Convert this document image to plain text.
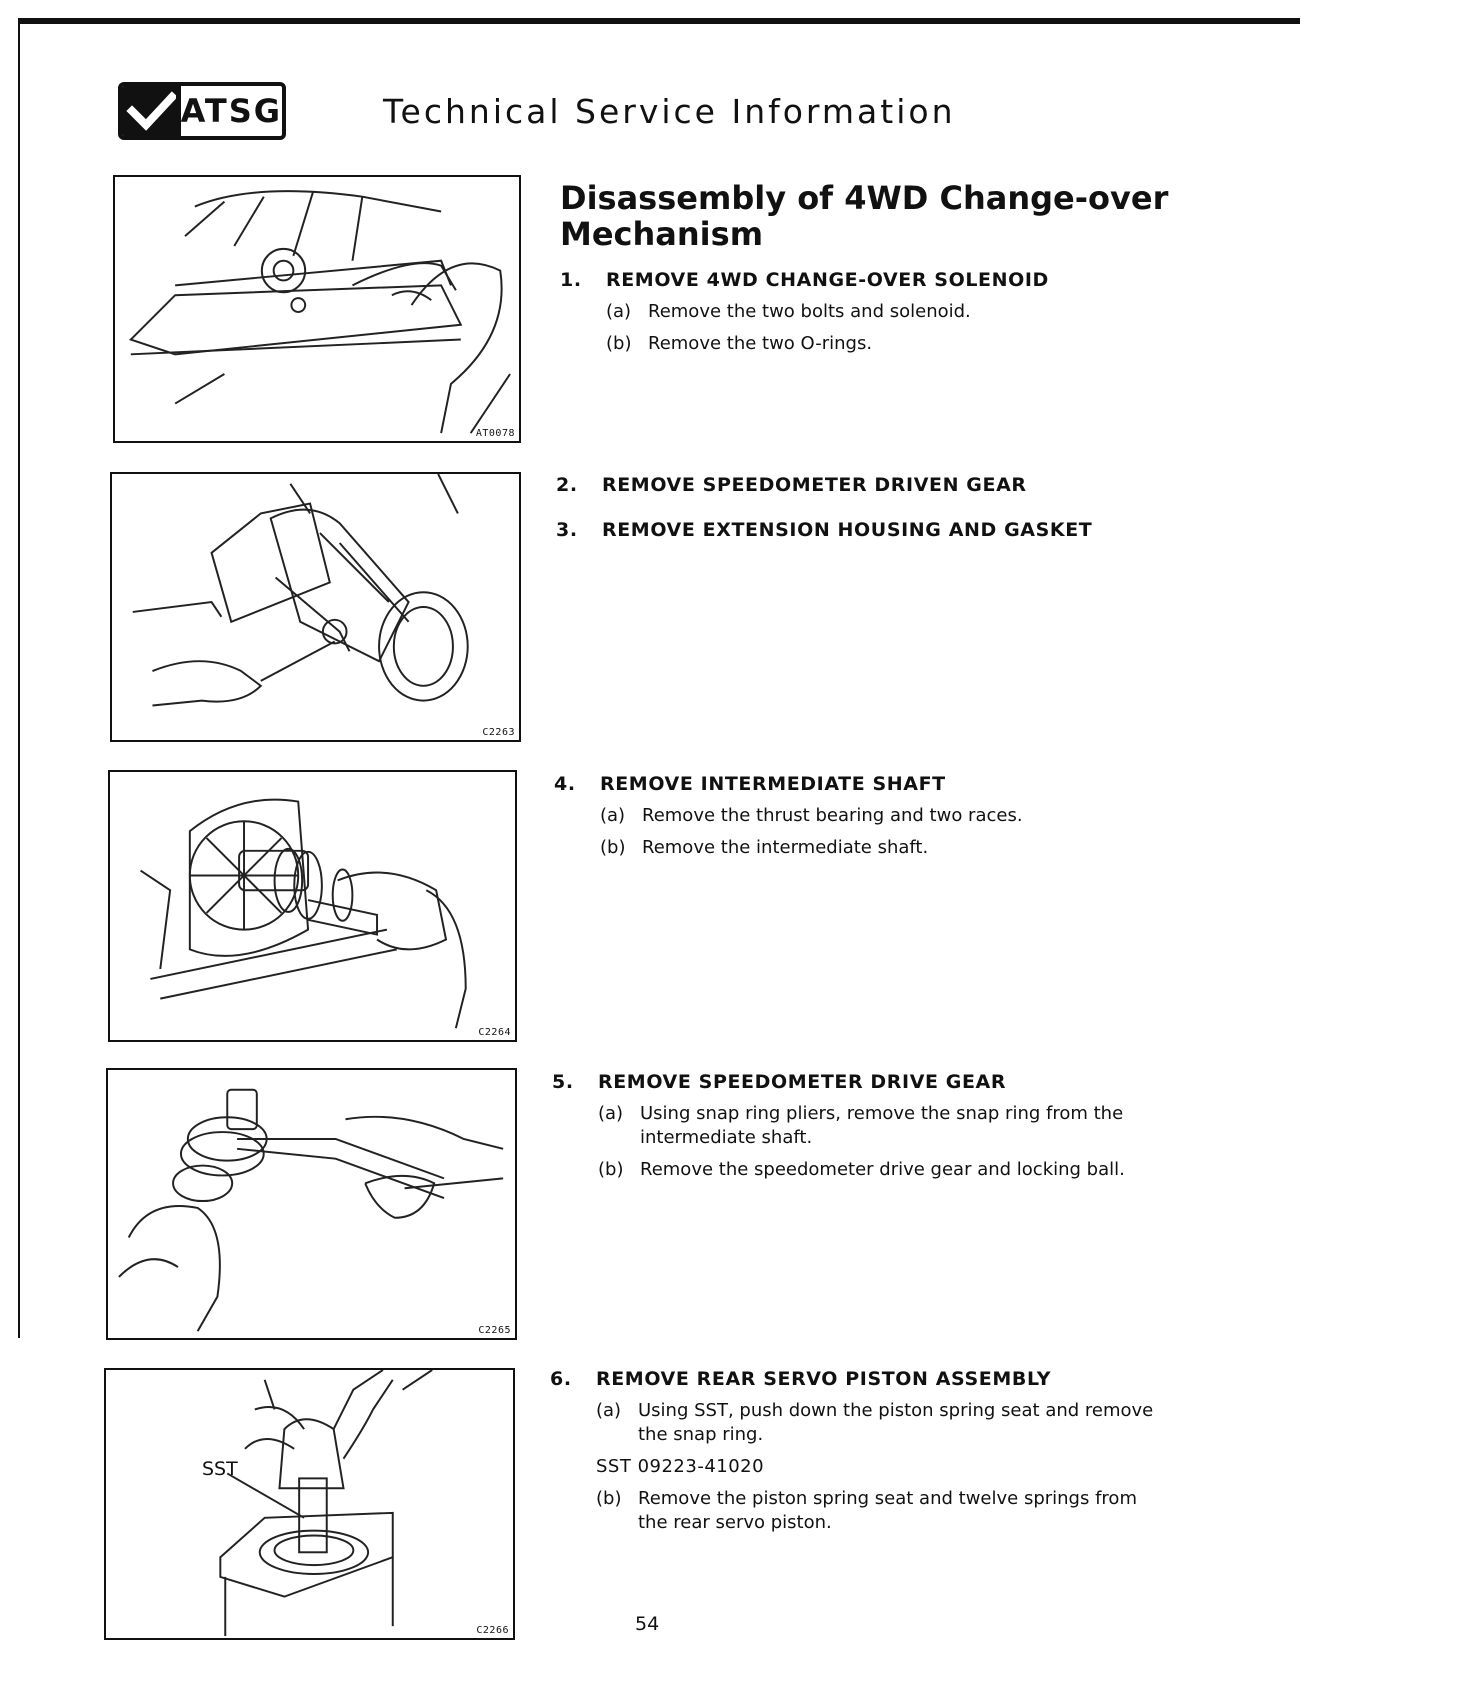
ATSG	Technical Service Information
AT0078
C2263
C2264
C2265
SST
C2266
Disassembly of 4WD Change-over Mechanism
1.	REMOVE 4WD CHANGE-OVER SOLENOID
(a) Remove the two bolts and solenoid.
(b) Remove the two O-rings.
2.	REMOVE SPEEDOMETER DRIVEN GEAR
3.	REMOVE EXTENSION HOUSING AND GASKET
4.	REMOVE INTERMEDIATE SHAFT
(a) Remove the thrust bearing and two races.
(b) Remove the intermediate shaft.
5.	REMOVE SPEEDOMETER DRIVE GEAR
(a) Using snap ring pliers, remove the snap ring from the intermediate shaft.
(b) Remove the speedometer drive gear and locking ball.
6.	REMOVE REAR SERVO PISTON ASSEMBLY
(a) Using SST, push down the piston spring seat and remove the snap ring.
SST 09223-41020
(b) Remove the piston spring seat and twelve springs from the rear servo piston.
54
